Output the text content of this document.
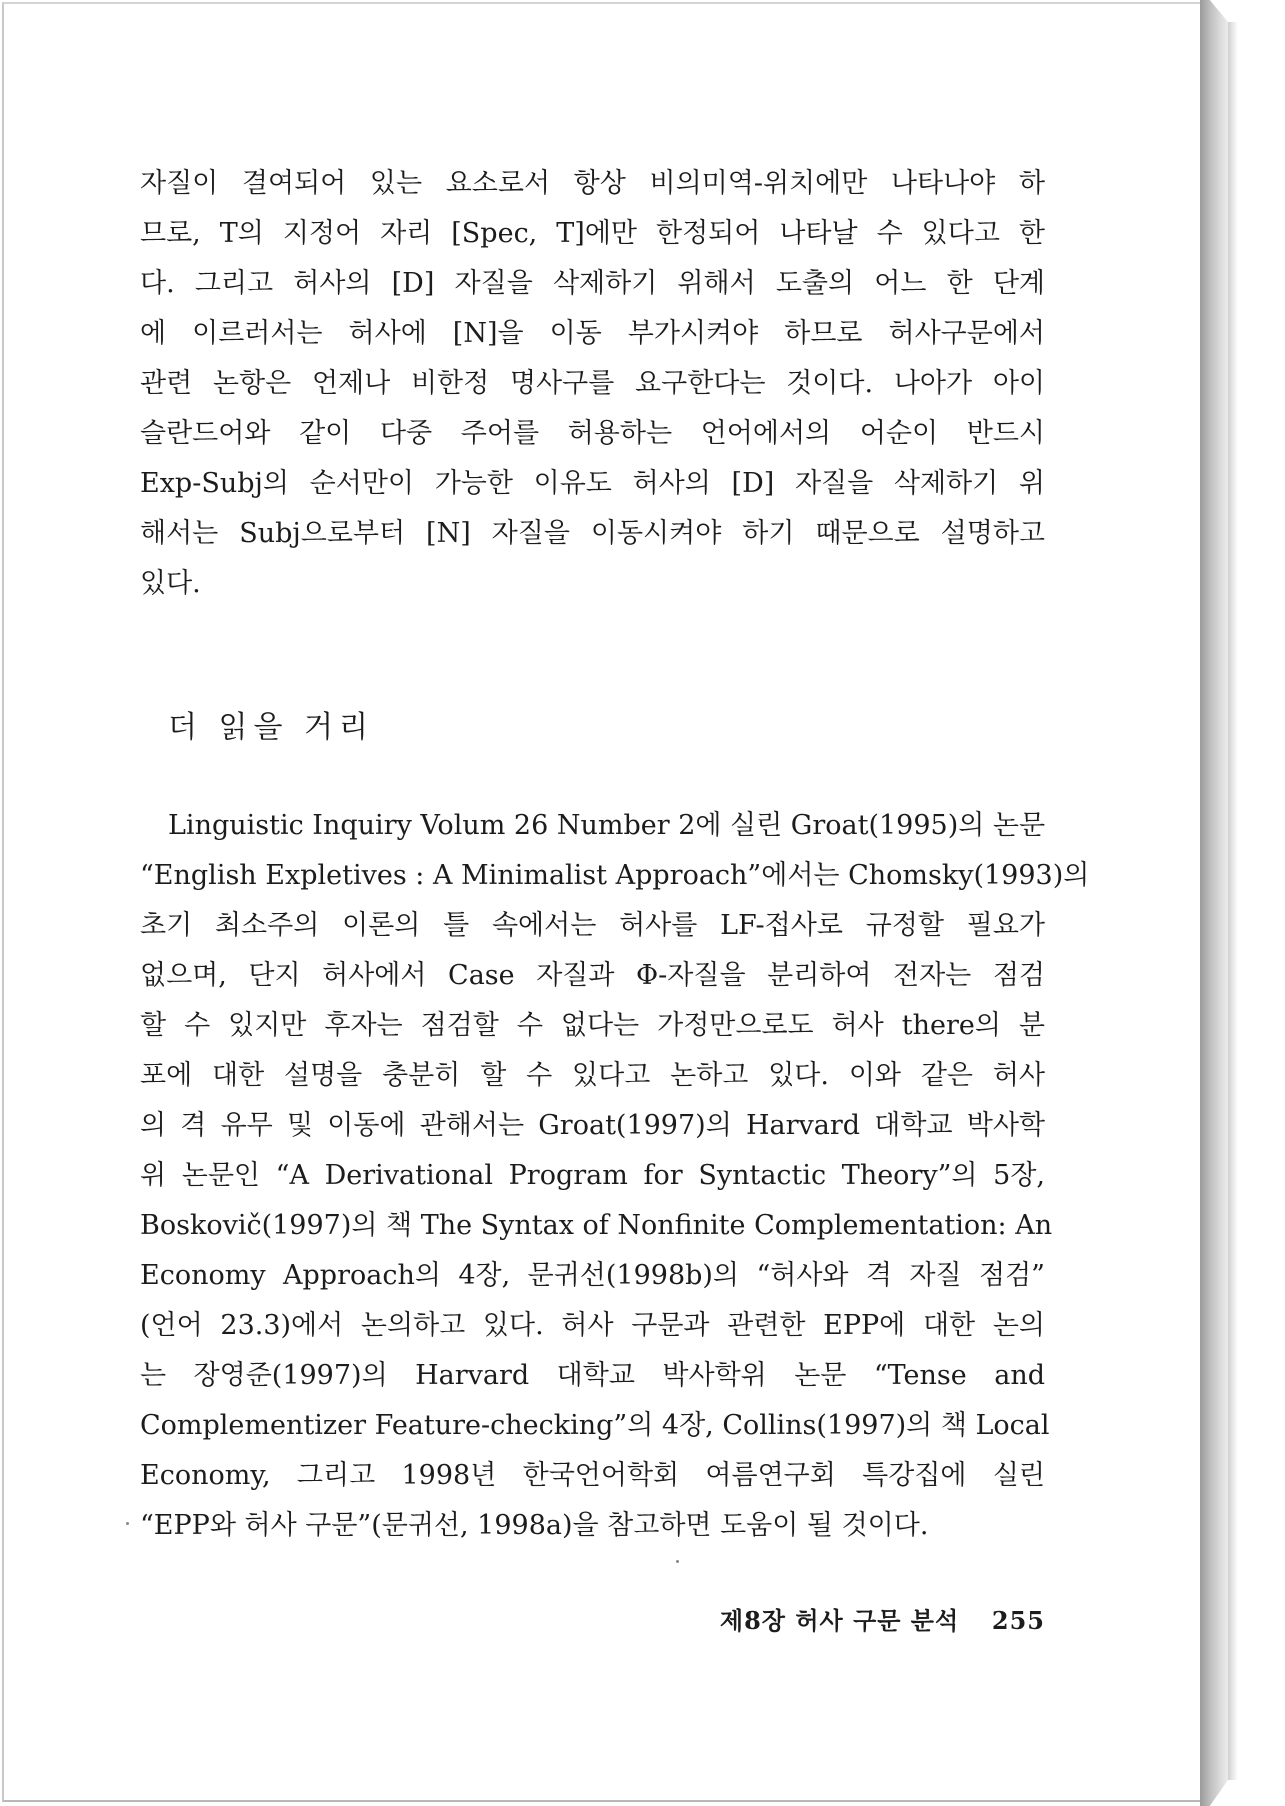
자질이 결여되어 있는 요소로서 항상 비의미역-위치에만 나타나야 하
므로, T의 지정어 자리 [Spec, T]에만 한정되어 나타날 수 있다고 한
다. 그리고 허사의 [D] 자질을 삭제하기 위해서 도출의 어느 한 단계
에 이르러서는 허사에 [N]을 이동 부가시켜야 하므로 허사구문에서
관련 논항은 언제나 비한정 명사구를 요구한다는 것이다. 나아가 아이
슬란드어와 같이 다중 주어를 허용하는 언어에서의 어순이 반드시
Exp-Subj의 순서만이 가능한 이유도 허사의 [D] 자질을 삭제하기 위
해서는 Subj으로부터 [N] 자질을 이동시켜야 하기 때문으로 설명하고
있다.
더 읽을 거리
Linguistic Inquiry Volum 26 Number 2에 실린 Groat(1995)의 논문
“English Expletives : A Minimalist Approach”에서는 Chomsky(1993)의
초기 최소주의 이론의 틀 속에서는 허사를 LF-접사로 규정할 필요가
없으며, 단지 허사에서 Case 자질과 Φ-자질을 분리하여 전자는 점검
할 수 있지만 후자는 점검할 수 없다는 가정만으로도 허사 there의 분
포에 대한 설명을 충분히 할 수 있다고 논하고 있다. 이와 같은 허사
의 격 유무 및 이동에 관해서는 Groat(1997)의 Harvard 대학교 박사학
위 논문인 “A Derivational Program for Syntactic Theory”의 5장,
Boskovič(1997)의 책 The Syntax of Nonfinite Complementation: An
Economy Approach의 4장, 문귀선(1998b)의 “허사와 격 자질 점검”
(언어 23.3)에서 논의하고 있다. 허사 구문과 관련한 EPP에 대한 논의
는 장영준(1997)의 Harvard 대학교 박사학위 논문 “Tense and
Complementizer Feature-checking”의 4장, Collins(1997)의 책 Local
Economy, 그리고 1998년 한국언어학회 여름연구회 특강집에 실린
“EPP와 허사 구문”(문귀선, 1998a)을 참고하면 도움이 될 것이다.
제8장 허사 구문 분석 255
